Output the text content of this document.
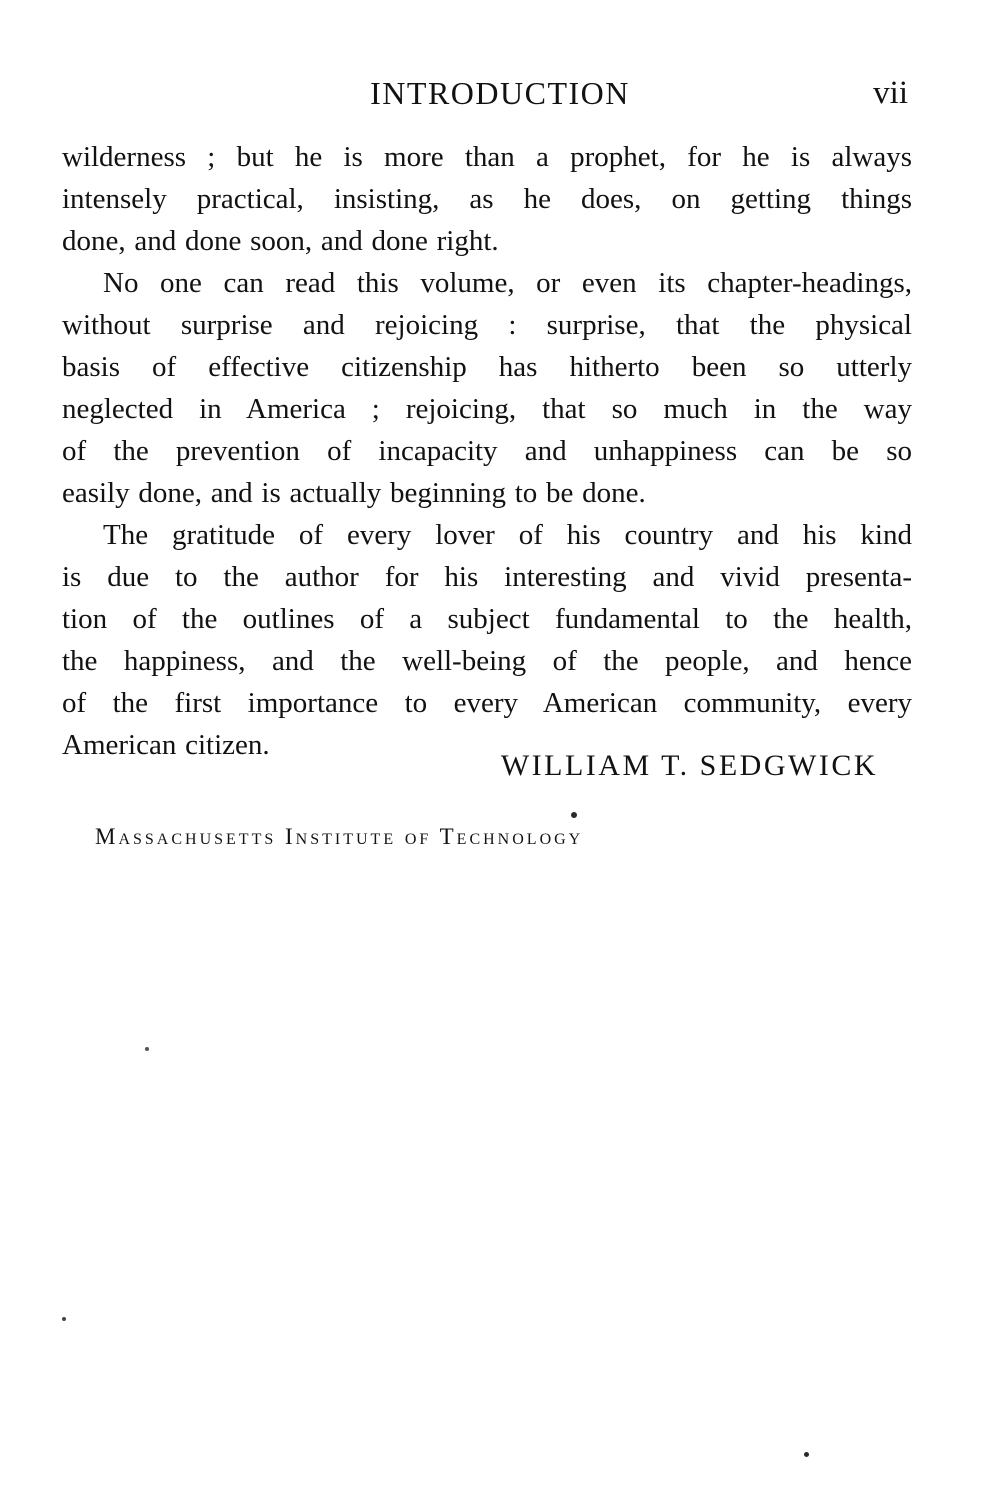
INTRODUCTION	vii
wilderness ; but he is more than a prophet, for he is always
intensely practical, insisting, as he does, on getting things
done, and done soon, and done right.
No one can read this volume, or even its chapter-headings,
without surprise and rejoicing : surprise, that the physical
basis of effective citizenship has hitherto been so utterly
neglected in America ; rejoicing, that so much in the way
of the prevention of incapacity and unhappiness can be so
easily done, and is actually beginning to be done.
The gratitude of every lover of his country and his kind
is due to the author for his interesting and vivid presenta-
tion of the outlines of a subject fundamental to the health,
the happiness, and the well-being of the people, and hence
of the first importance to every American community, every
American citizen.
WILLIAM T. SEDGWICK
Massachusetts Institute of Technology
